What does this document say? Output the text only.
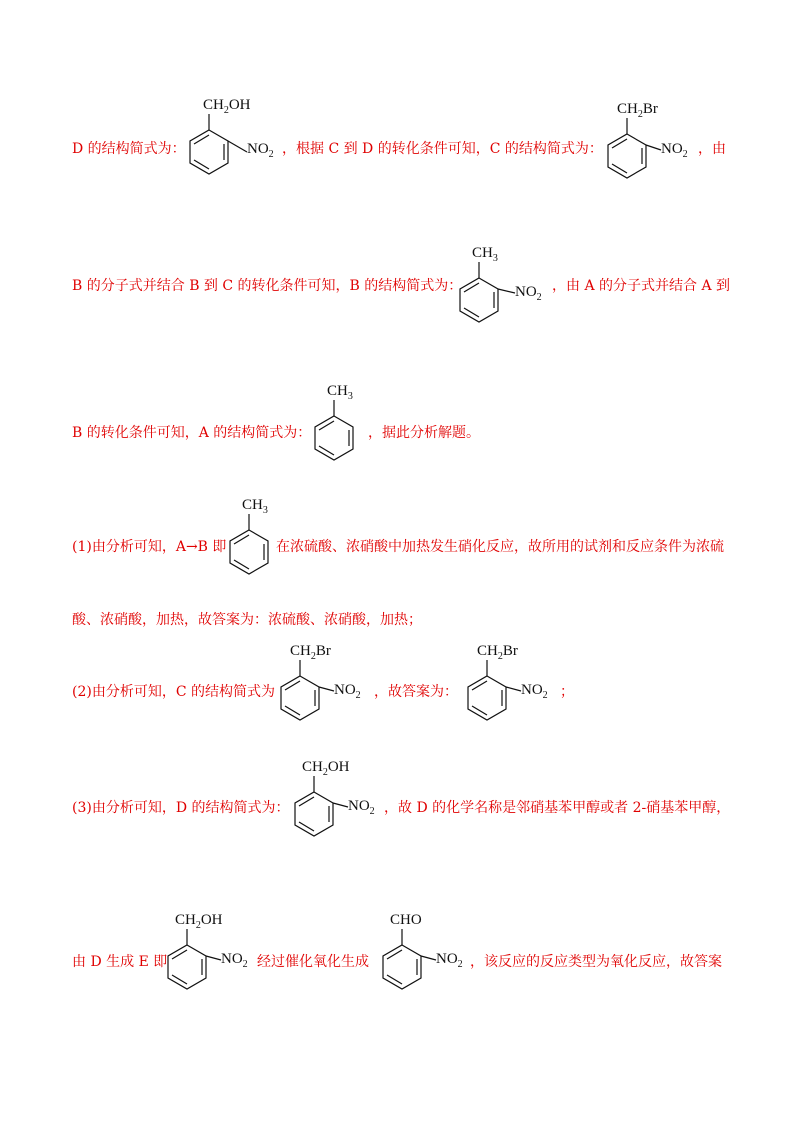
D 的结构简式为：
$CH_2OH$
$NO_2$ ，根据 C 到 D 的转化条件可知，C 的结构简式为：
$CH_2Br$
$NO_2$ ，由
B 的分子式并结合 B 到 C 的转化条件可知，B 的结构简式为：
$CH_3$
$NO_2$
，由 A 的分子式并结合 A 到
B 的转化条件可知，A 的结构简式为：
$CH_3$
，据此分析解题。
(1)由分析可知，A→B 即
$CH_3$
在浓硫酸、浓硝酸中加热发生硝化反应，故所用的试剂和反应条件为浓硫
酸、浓硝酸，加热，故答案为：浓硫酸、浓硝酸，加热；
(2)由分析可知，C 的结构简式为
$CH_2Br$
$NO_2$ ，故答案为：
$CH_2Br$
$NO_2$ ；
(3)由分析可知，D 的结构简式为：
$CH_2OH$
$NO_2$ ，故 D 的化学名称是邻硝基苯甲醇或者 2-硝基苯甲醇，
由 D 生成 E 即
$CH_2OH$
$NO_2$ 经过催化氧化生成
CHO
$NO_2$ ，该反应的反应类型为氧化反应，故答案
